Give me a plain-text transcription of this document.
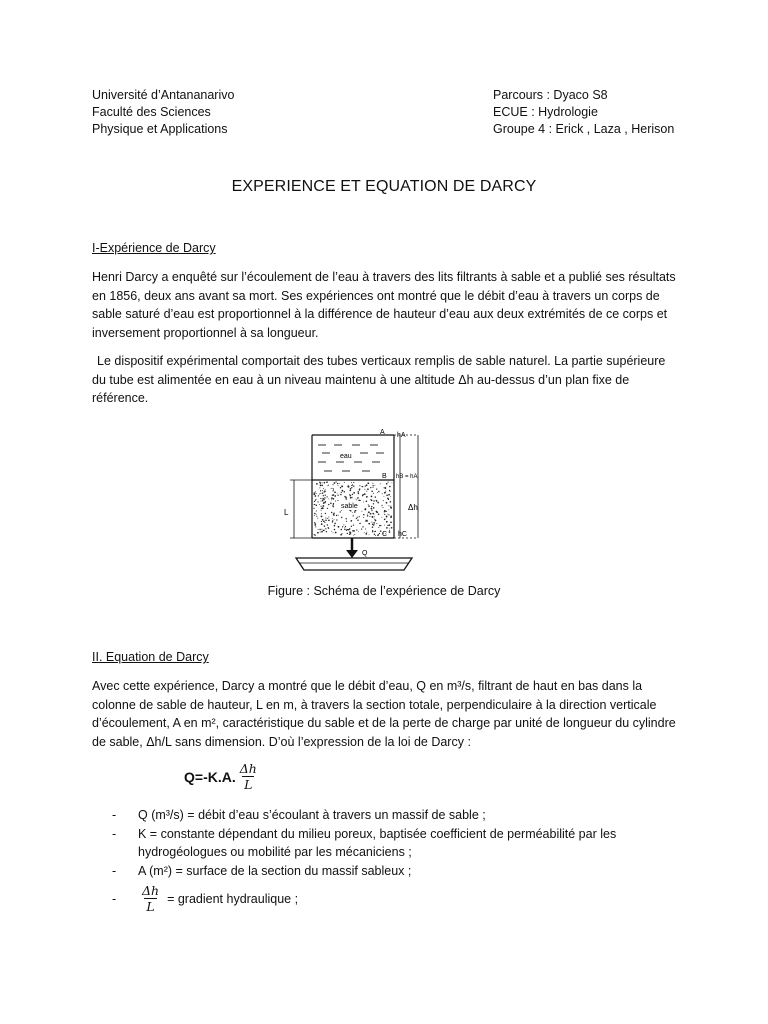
Université d’Antananarivo
Faculté des Sciences
Physique et Applications
Parcours : Dyaco S8
ECUE : Hydrologie
Groupe 4 : Erick , Laza , Herison
EXPERIENCE ET EQUATION DE DARCY
I-Expérience de Darcy
Henri Darcy a enquêté sur l’écoulement de l’eau à travers des lits filtrants à sable et a publié ses résultats en 1856, deux ans avant sa mort. Ses expériences ont montré que le débit d’eau à travers un corps de sable saturé d’eau est proportionnel à la différence de hauteur d’eau aux deux extrémités de ce corps et inversement proportionnel à sa longueur.
Le dispositif expérimental comportait des tubes verticaux remplis de sable naturel. La partie supérieure du tube est alimentée en eau à un niveau maintenu à une altitude Δh au-dessus d’un plan fixe de référence.
eau
sable
A hA
B hB = hA
Δh
L
C hC
Q
Figure : Schéma de l’expérience de Darcy
II. Equation de Darcy
Avec cette expérience, Darcy a montré que le débit d’eau, Q en m³/s, filtrant de haut en bas dans la colonne de sable de hauteur, L en m, à travers la section totale, perpendiculaire à la direction verticale d’écoulement, A en m², caractéristique du sable et de la perte de charge par unité de longueur du cylindre de sable, Δh/L sans dimension. D’où l’expression de la loi de Darcy :
Q=-K.A. $\frac{\Delta h}{L}$
- Q (m³/s) = débit d’eau s’écoulant à travers un massif de sable ;
- K = constante dépendant du milieu poreux, baptisée coefficient de perméabilité par les hydrogéologues ou mobilité par les mécaniciens ;
- A (m²) = surface de la section du massif sableux ;
-	$\frac{\Delta h}{L}$ = gradient hydraulique ;
